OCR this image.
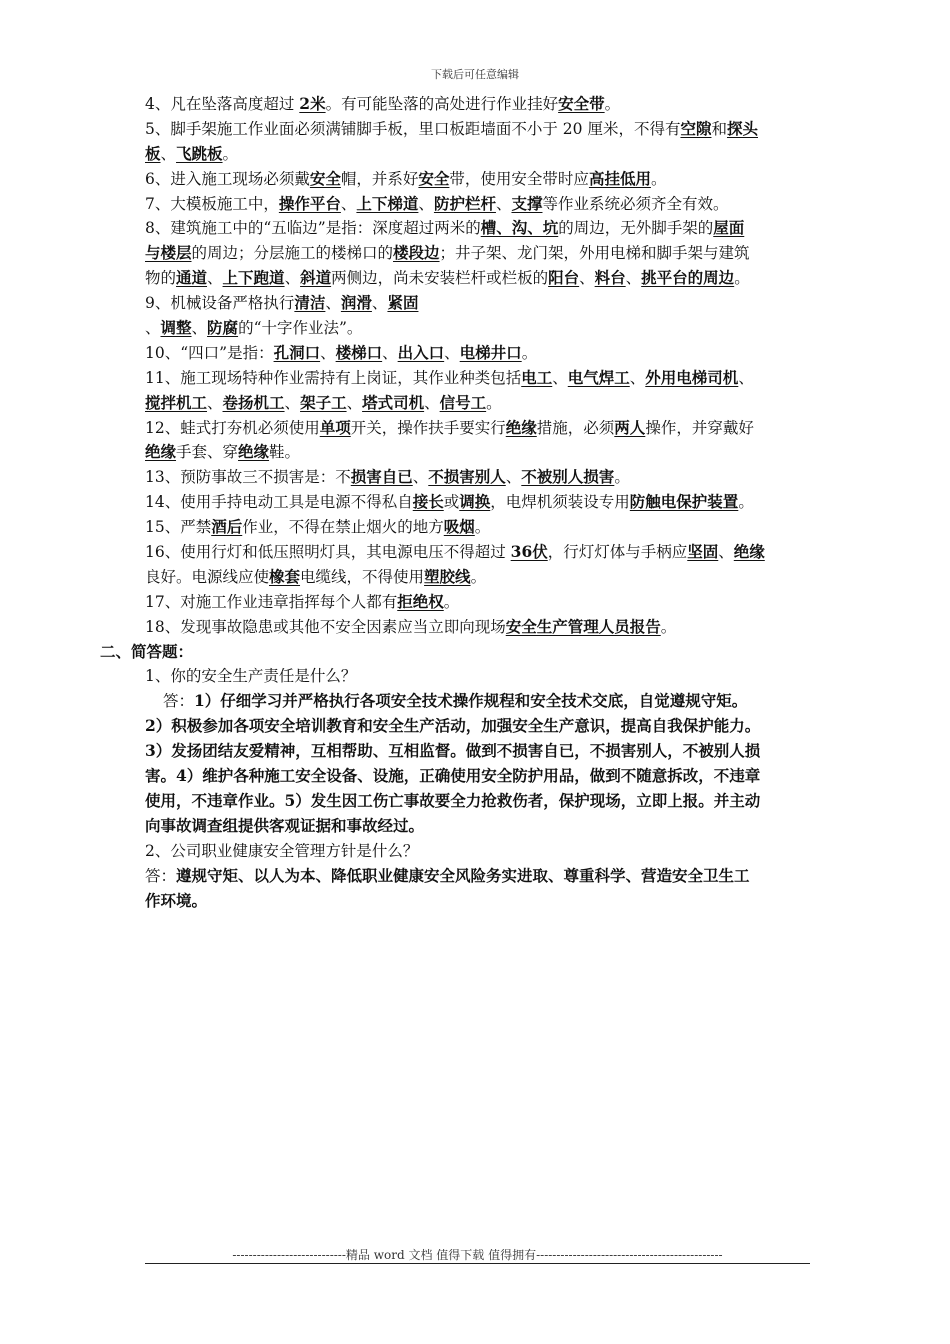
下载后可任意编辑
4、凡在坠落高度超过 2米。有可能坠落的高处进行作业挂好安全带。
5、脚手架施工作业面必须满铺脚手板，里口板距墙面不小于 20 厘米，不得有空隙和探头
板、飞跳板。
6、进入施工现场必须戴安全帽，并系好安全带，使用安全带时应高挂低用。
7、大模板施工中，操作平台、上下梯道、防护栏杆、支撑等作业系统必须齐全有效。
8、建筑施工中的“五临边”是指：深度超过两米的槽、沟、坑的周边，无外脚手架的屋面
与楼层的周边；分层施工的楼梯口的楼段边；井子架、龙门架，外用电梯和脚手架与建筑
物的通道、上下跑道、斜道两侧边，尚未安装栏杆或栏板的阳台、料台、挑平台的周边。
9、机械设备严格执行清洁、润滑、紧固
、调整、防腐的“十字作业法”。
10、“四口”是指：孔洞口、楼梯口、出入口、电梯井口。
11、施工现场特种作业需持有上岗证，其作业种类包括电工、电气焊工、外用电梯司机、
搅拌机工、卷扬机工、架子工、塔式司机、信号工。
12、蛙式打夯机必须使用单项开关，操作扶手要实行绝缘措施，必须两人操作，并穿戴好
绝缘手套、穿绝缘鞋。
13、预防事故三不损害是：不损害自已、不损害别人、不被别人损害。
14、使用手持电动工具是电源不得私自接长或调换，电焊机须装设专用防触电保护装置。
15、严禁酒后作业，不得在禁止烟火的地方吸烟。
16、使用行灯和低压照明灯具，其电源电压不得超过 36伏，行灯灯体与手柄应坚固、绝缘
良好。电源线应使橡套电缆线，不得使用塑胶线。
17、对施工作业违章指挥每个人都有拒绝权。
18、发现事故隐患或其他不安全因素应当立即向现场安全生产管理人员报告。
二、简答题：
1、你的安全生产责任是什么？
答：1）仔细学习并严格执行各项安全技术操作规程和安全技术交底，自觉遵规守矩。
2）积极参加各项安全培训教育和安全生产活动，加强安全生产意识，提高自我保护能力。
3）发扬团结友爱精神，互相帮助、互相监督。做到不损害自已，不损害别人，不被别人损
害。4）维护各种施工安全设备、设施，正确使用安全防护用品，做到不随意拆改，不违章
使用，不违章作业。5）发生因工伤亡事故要全力抢救伤者，保护现场，立即上报。并主动
向事故调查组提供客观证据和事故经过。
2、公司职业健康安全管理方针是什么？
答：遵规守矩、以人为本、降低职业健康安全风险务实进取、尊重科学、营造安全卫生工
作环境。
----------------------------精品 word 文档 值得下载 值得拥有----------------------------------------------
